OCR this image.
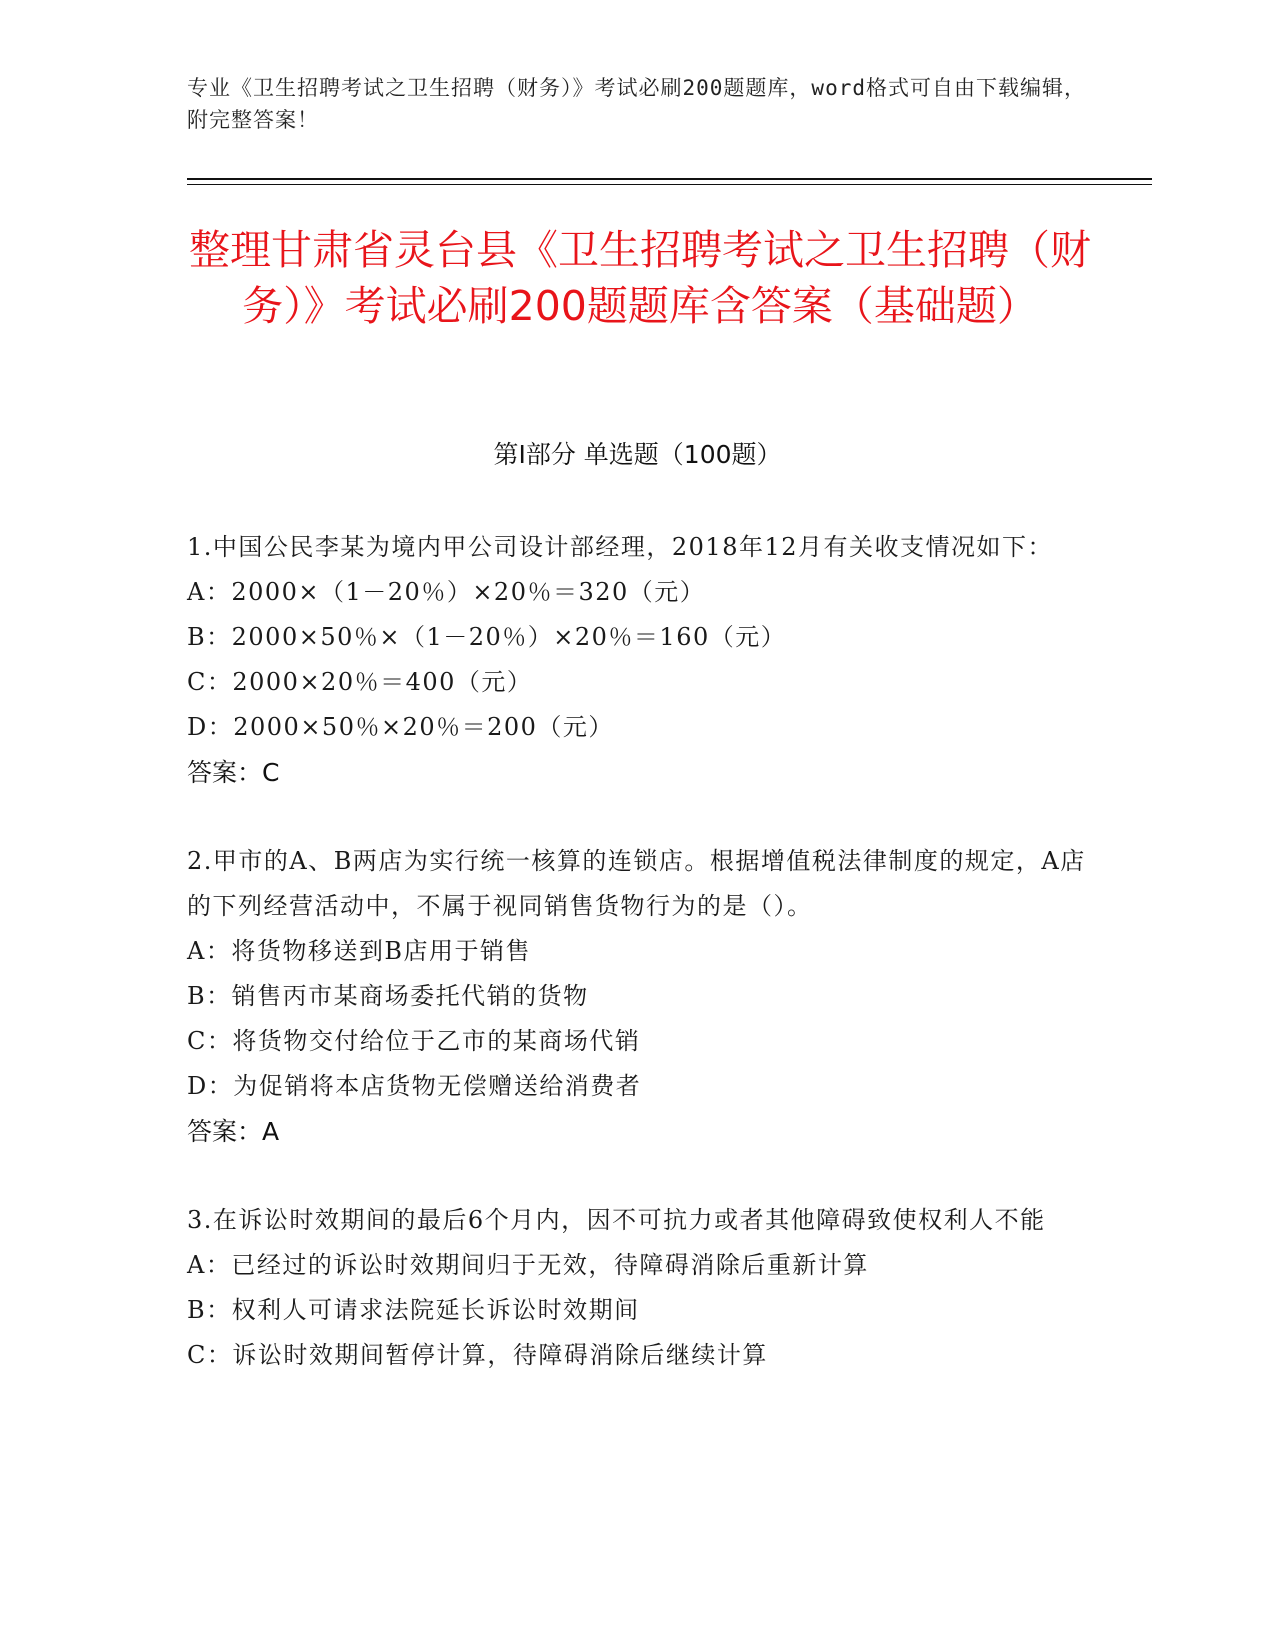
专业《卫生招聘考试之卫生招聘（财务）》考试必刷200题题库，word格式可自由下载编辑，附完整答案！
整理甘肃省灵台县《卫生招聘考试之卫生招聘（财务）》考试必刷200题题库含答案（基础题）
第Ⅰ部分 单选题（100题）

1.中国公民李某为境内甲公司设计部经理，2018年12月有关收支情况如下：

A：2000×（1－20％）×20％＝320（元）

B：2000×50％×（1－20％）×20％＝160（元）

C：2000×20％＝400（元）

D：2000×50％×20％＝200（元）

答案：C

2.甲市的A、B两店为实行统一核算的连锁店。根据增值税法律制度的规定，A店的下列经营活动中，不属于视同销售货物行为的是（）。

A：将货物移送到B店用于销售

B：销售丙市某商场委托代销的货物

C：将货物交付给位于乙市的某商场代销

D：为促销将本店货物无偿赠送给消费者

答案：A

3.在诉讼时效期间的最后6个月内，因不可抗力或者其他障碍致使权利人不能

A：已经过的诉讼时效期间归于无效，待障碍消除后重新计算

B：权利人可请求法院延长诉讼时效期间

C：诉讼时效期间暂停计算，待障碍消除后继续计算
